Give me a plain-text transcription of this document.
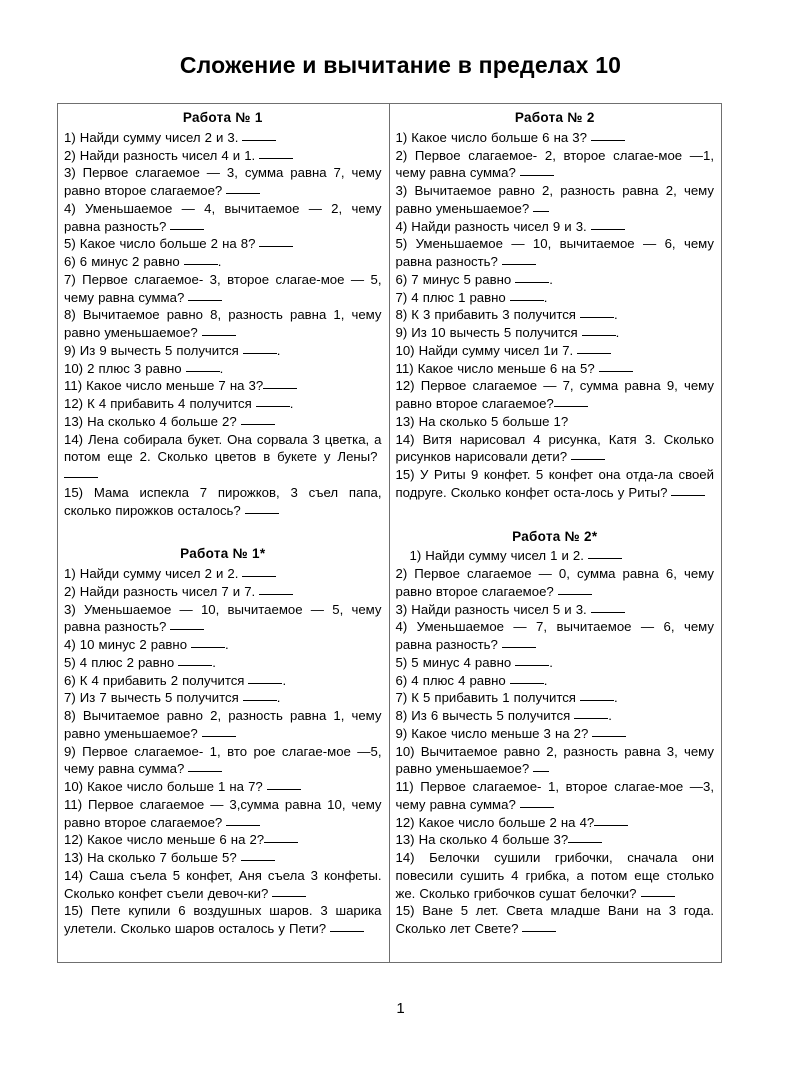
Сложение и вычитание в пределах 10
Работа № 1
1) Найди сумму чисел 2 и 3.
2) Найди разность чисел 4 и 1.
3) Первое слагаемое — 3, сумма равна 7, чему равно второе слагаемое?
4) Уменьшаемое — 4, вычитаемое — 2, чему равна разность?
5) Какое число больше 2 на 8?
6) 6 минус 2 равно	.
7) Первое слагаемое- 3, второе слагае-мое — 5, чему равна сумма?
8) Вычитаемое равно 8, разность равна 1, чему равно уменьшаемое?
9) Из 9 вычесть 5 получится	.
10) 2 плюс 3 равно	.
11) Какое число меньше 7 на 3?
12) К 4 прибавить 4 получится	.
13) На сколько 4 больше 2?
14) Лена собирала букет. Она сорвала 3 цветка, а потом еще 2. Сколько цветов в букете у Лены?
15) Мама испекла 7 пирожков, 3 съел папа, сколько пирожков осталось?
Работа № 1*
1) Найди сумму чисел 2 и 2.
2) Найди разность чисел 7 и 7.
3) Уменьшаемое — 10, вычитаемое — 5, чему равна разность?
4) 10 минус 2 равно	.
5) 4 плюс 2 равно	.
6) К 4 прибавить 2 получится	.
7) Из 7 вычесть 5 получится	.
8) Вычитаемое равно 2, разность равна 1, чему равно уменьшаемое?
9) Первое слагаемое- 1, вто рое слагае-мое —5, чему равна сумма?
10) Какое число больше 1 на 7?
11) Первое слагаемое — 3,сумма равна 10, чему равно второе слагаемое?
12) Какое число меньше 6 на 2?
13) На сколько 7 больше 5?
14) Саша съела 5 конфет, Аня съела 3 конфеты. Сколько конфет съели девоч-ки?
15) Пете купили 6 воздушных шаров. 3 шарика улетели. Сколько шаров осталось у Пети?
Работа № 2
1) Какое число больше 6 на 3?
2) Первое слагаемое- 2, второе слагае-мое —1, чему равна сумма?
3) Вычитаемое равно 2, разность равна 2, чему равно уменьшаемое?
4) Найди разность чисел 9 и 3.
5) Уменьшаемое — 10, вычитаемое — 6, чему равна разность?
6) 7 минус 5 равно	.
7) 4 плюс 1 равно	.
8) К 3 прибавить 3 получится	.
9) Из 10 вычесть 5 получится	.
10) Найди сумму чисел 1и 7.
11) Какое число меньше 6 на 5?
12) Первое слагаемое — 7, сумма равна 9, чему равно второе слагаемое?
13) На сколько 5 больше 1?
14) Витя нарисовал 4 рисунка, Катя 3. Сколько рисунков нарисовали дети?
15) У Риты 9 конфет. 5 конфет она отда-ла своей подруге. Сколько конфет оста-лось у Риты?
Работа № 2*
1) Найди сумму чисел 1 и 2.
2) Первое слагаемое — 0, сумма равна 6, чему равно второе слагаемое?
3) Найди разность чисел 5 и 3.
4) Уменьшаемое — 7, вычитаемое — 6, чему равна разность?
5) 5 минус 4 равно	.
6) 4 плюс 4 равно	.
7) К 5 прибавить 1 получится	.
8) Из 6 вычесть 5 получится	.
9) Какое число меньше 3 на 2?
10) Вычитаемое равно 2, разность равна 3, чему равно уменьшаемое?
11) Первое слагаемое- 1, второе слагае-мое —3, чему равна сумма?
12) Какое число больше 2 на 4?
13) На сколько 4 больше 3?
14) Белочки сушили грибочки, сначала они повесили сушить 4 грибка, а потом еще столько же. Сколько грибочков сушат белочки?
15) Ване 5 лет. Света младше Вани на 3 года. Сколько лет Свете?
1
